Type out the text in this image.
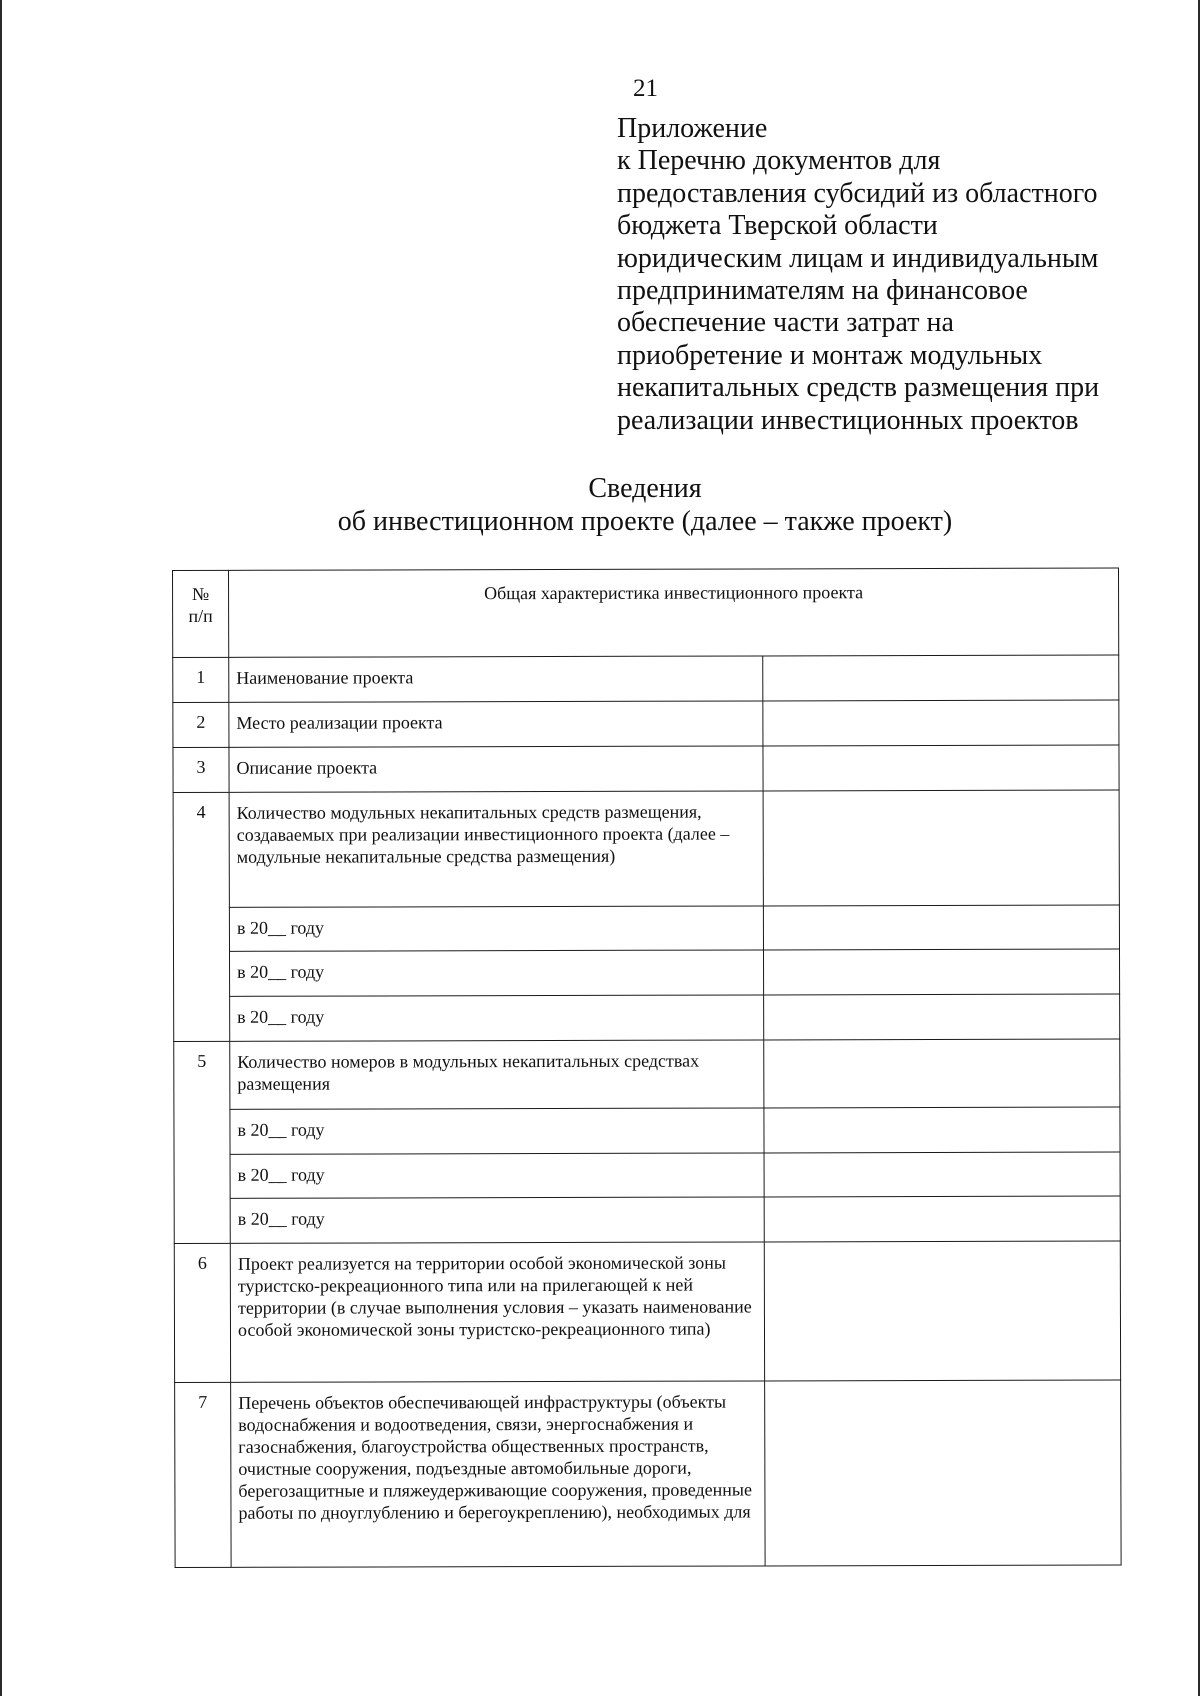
21
Приложение
к Перечню документов для
предоставления субсидий из областного
бюджета Тверской области
юридическим лицам и индивидуальным
предпринимателям на финансовое
обеспечение части затрат на
приобретение и монтаж модульных
некапитальных средств размещения при
реализации инвестиционных проектов
Сведения
об инвестиционном проекте (далее – также проект)
№
п/п	Общая характеристика инвестиционного проекта	
1	Наименование проекта	
2	Место реализации проекта	
3	Описание проекта	
4	Количество модульных некапитальных средств размещения, создаваемых при реализации инвестиционного проекта (далее – модульные некапитальные средства размещения)	
	в 20__ году	
	в 20__ году	
	в 20__ году	
5	Количество номеров в модульных некапитальных средствах размещения	
	в 20__ году	
	в 20__ году	
	в 20__ году	
6	Проект реализуется на территории особой экономической зоны туристско-рекреационного типа или на прилегающей к ней территории (в случае выполнения условия – указать наименование особой экономической зоны туристско-рекреационного типа)	
7	Перечень объектов обеспечивающей инфраструктуры (объекты водоснабжения и водоотведения, связи, энергоснабжения и газоснабжения, благоустройства общественных пространств, очистные сооружения, подъездные автомобильные дороги, берегозащитные и пляжеудерживающие сооружения, проведенные работы по дноуглублению и берегоукреплению), необходимых для	
